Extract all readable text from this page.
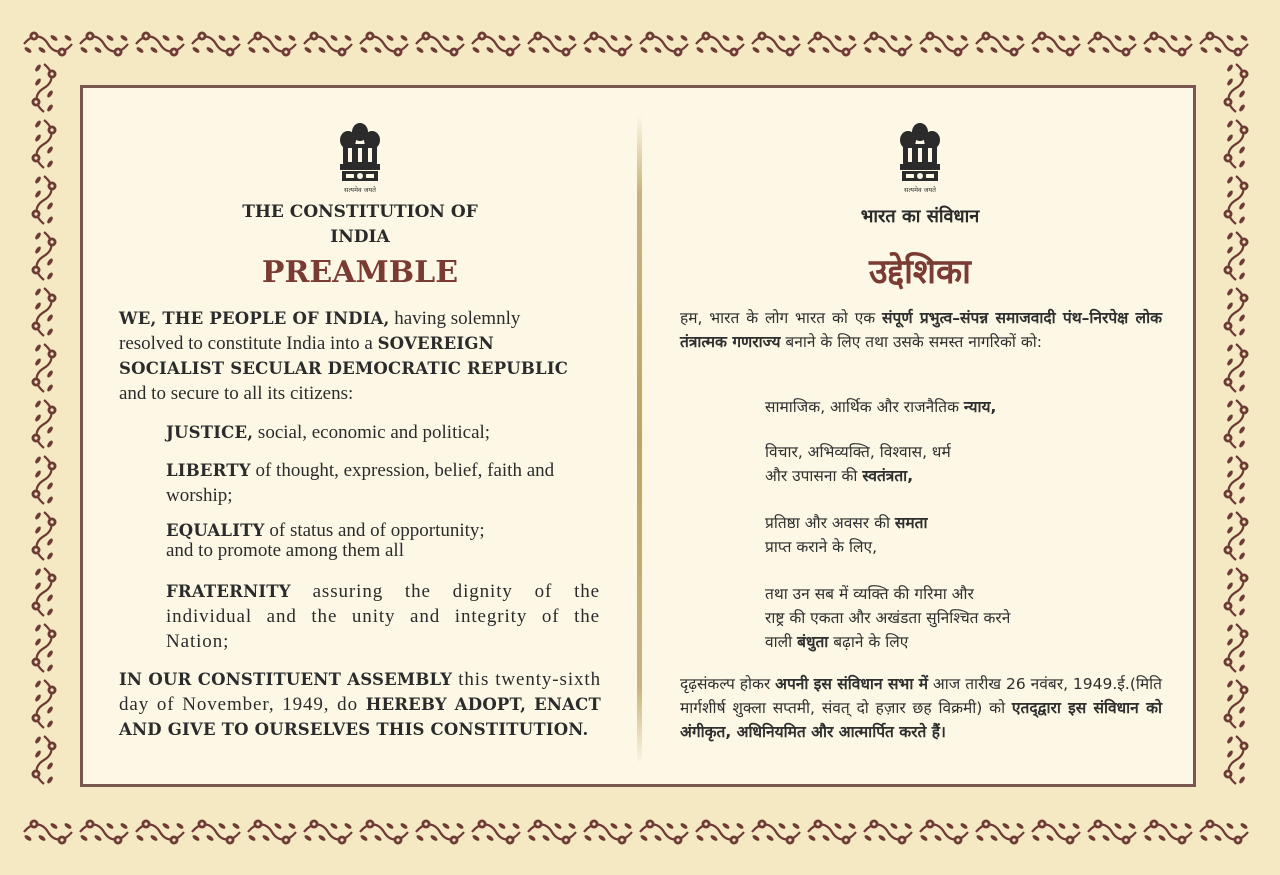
सत्यमेव जयते
THE CONSTITUTION OF
INDIA
PREAMBLE
WE, THE PEOPLE OF INDIA, having solemnly resolved to constitute India into a SOVEREIGN SOCIALIST SECULAR DEMOCRATIC REPUBLIC and to secure to all its citizens:
JUSTICE, social, economic and political;
LIBERTY of thought, expression, belief, faith and worship;
EQUALITY of status and of opportunity;
and to promote among them all
FRATERNITY assuring the dignity of the individual and the unity and integrity of the Nation;
IN OUR CONSTITUENT ASSEMBLY this twenty-sixth day of November, 1949, do HEREBY ADOPT, ENACT AND GIVE TO OURSELVES THIS CONSTITUTION.
सत्यमेव जयते
भारत का संविधान
उद्देशिका
हम, भारत के लोग भारत को एक संपूर्ण प्रभुत्व–संपन्न समाजवादी पंथ–निरपेक्ष लोक तंत्रात्मक गणराज्य बनाने के लिए तथा उसके समस्त नागरिकों को:
सामाजिक, आर्थिक और राजनैतिक न्याय,
विचार, अभिव्यक्ति, विश्वास, धर्म
और उपासना की स्वतंत्रता,
प्रतिष्ठा और अवसर की समता
प्राप्त कराने के लिए,
तथा उन सब में व्यक्ति की गरिमा और
राष्ट्र की एकता और अखंडता सुनिश्चित करने
वाली बंधुता बढ़ाने के लिए
दृढ़संकल्प होकर अपनी इस संविधान सभा में आज तारीख 26 नवंबर, 1949.ई.(मिति मार्गशीर्ष शुक्ला सप्तमी, संवत् दो हज़ार छह विक्रमी) को एतद्‌द्वारा इस संविधान को अंगीकृत, अधिनियमित और आत्मार्पित करते हैं।
